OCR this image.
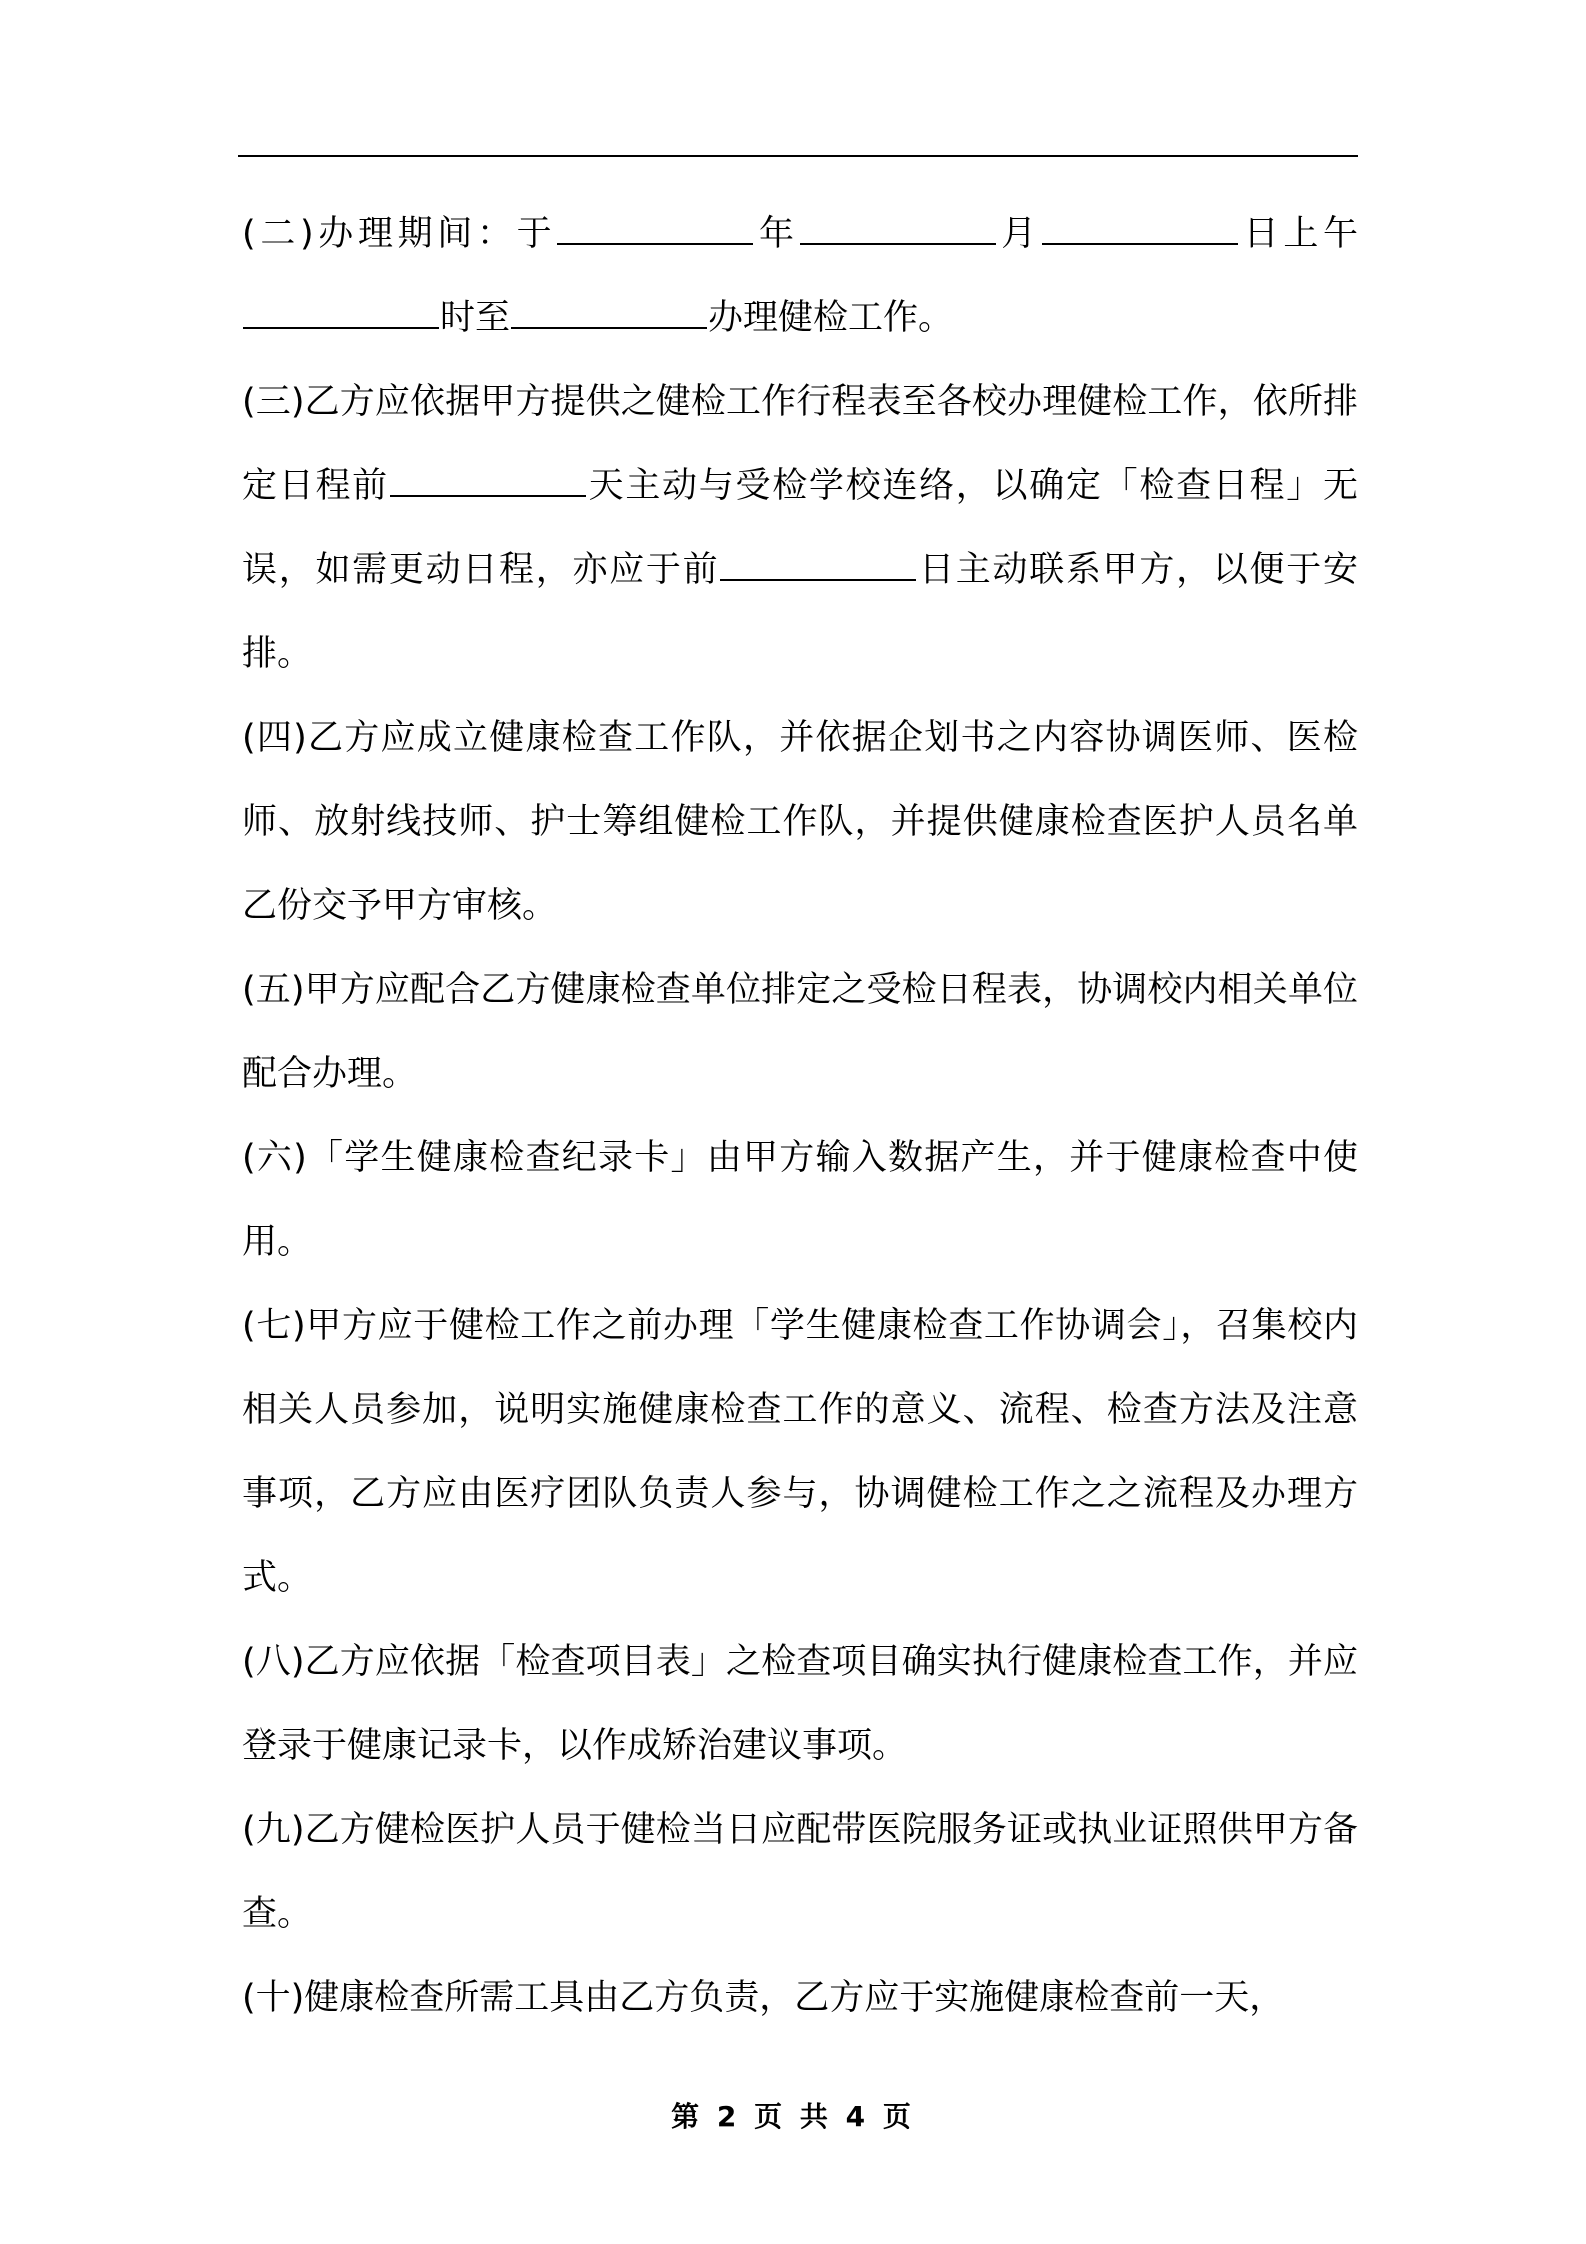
(二)办理期间：于	年	月	日上午时至	办理健检工作。

(三)乙方应依据甲方提供之健检工作行程表至各校办理健检工作，依所排定日程前	天主动与受检学校连络，以确定「检查日程」无误，如需更动日程，亦应于前	日主动联系甲方，以便于安排。

(四)乙方应成立健康检查工作队，并依据企划书之内容协调医师、医检师、放射线技师、护士筹组健检工作队，并提供健康检查医护人员名单乙份交予甲方审核。

(五)甲方应配合乙方健康检查单位排定之受检日程表，协调校内相关单位配合办理。

(六)「学生健康检查纪录卡」由甲方输入数据产生，并于健康检查中使用。

(七)甲方应于健检工作之前办理「学生健康检查工作协调会」，召集校内相关人员参加，说明实施健康检查工作的意义、流程、检查方法及注意事项，乙方应由医疗团队负责人参与，协调健检工作之之流程及办理方式。

(八)乙方应依据「检查项目表」之检查项目确实执行健康检查工作，并应登录于健康记录卡，以作成矫治建议事项。

(九)乙方健检医护人员于健检当日应配带医院服务证或执业证照供甲方备查。

(十)健康检查所需工具由乙方负责，乙方应于实施健康检查前一天，

第 2 页 共 4 页
